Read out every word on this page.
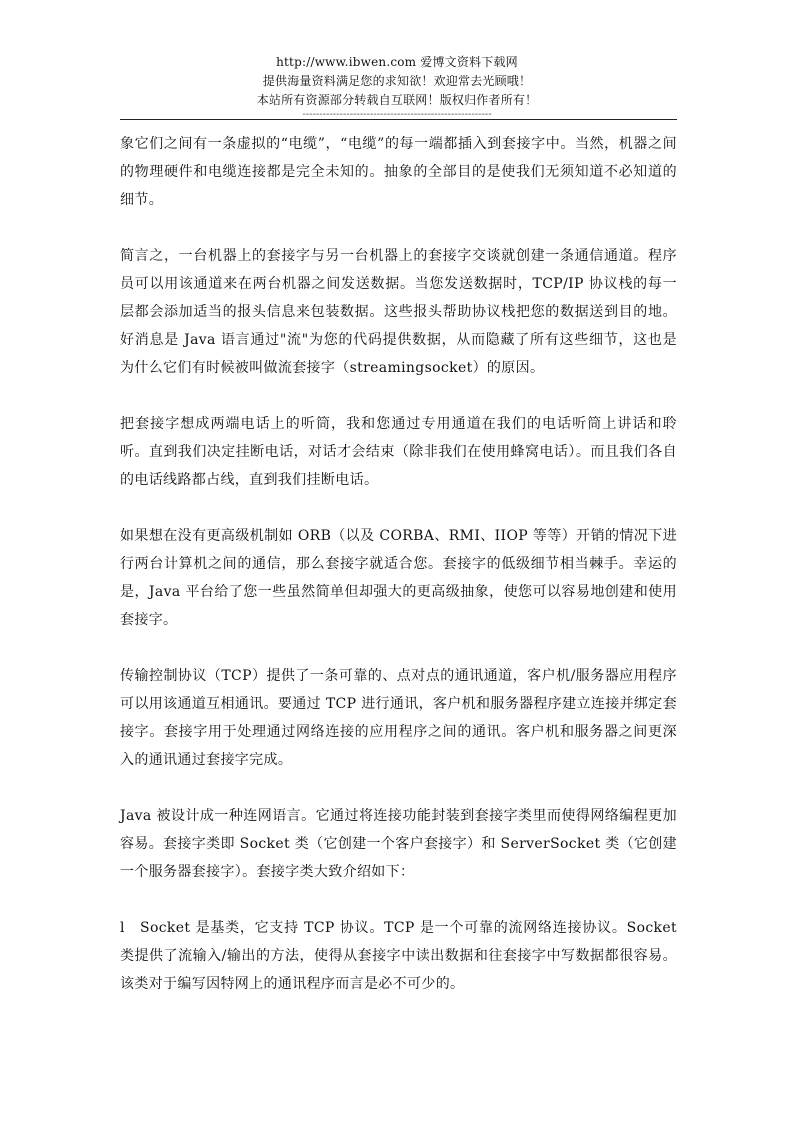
http://www.ibwen.com 爱博文资料下载网
提供海量资料满足您的求知欲！欢迎常去光顾哦！
本站所有资源部分转载自互联网！版权归作者所有！
--------------------------------------------------------

象它们之间有一条虚拟的“电缆”，“电缆”的每一端都插入到套接字中。当然，机器之间的物理硬件和电缆连接都是完全未知的。抽象的全部目的是使我们无须知道不必知道的细节。

简言之，一台机器上的套接字与另一台机器上的套接字交谈就创建一条通信通道。程序员可以用该通道来在两台机器之间发送数据。当您发送数据时，TCP/IP 协议栈的每一层都会添加适当的报头信息来包装数据。这些报头帮助协议栈把您的数据送到目的地。好消息是 Java 语言通过"流"为您的代码提供数据，从而隐藏了所有这些细节，这也是为什么它们有时候被叫做流套接字（streamingsocket）的原因。

把套接字想成两端电话上的听筒，我和您通过专用通道在我们的电话听筒上讲话和聆听。直到我们决定挂断电话，对话才会结束（除非我们在使用蜂窝电话）。而且我们各自的电话线路都占线，直到我们挂断电话。

如果想在没有更高级机制如 ORB（以及 CORBA、RMI、IIOP 等等）开销的情况下进行两台计算机之间的通信，那么套接字就适合您。套接字的低级细节相当棘手。幸运的是，Java 平台给了您一些虽然简单但却强大的更高级抽象，使您可以容易地创建和使用套接字。

传输控制协议（TCP）提供了一条可靠的、点对点的通讯通道，客户机/服务器应用程序可以用该通道互相通讯。要通过 TCP 进行通讯，客户机和服务器程序建立连接并绑定套接字。套接字用于处理通过网络连接的应用程序之间的通讯。客户机和服务器之间更深入的通讯通过套接字完成。

Java 被设计成一种连网语言。它通过将连接功能封装到套接字类里而使得网络编程更加容易。套接字类即 Socket 类（它创建一个客户套接字）和 ServerSocket 类（它创建一个服务器套接字）。套接字类大致介绍如下：

l　Socket 是基类，它支持 TCP 协议。TCP 是一个可靠的流网络连接协议。Socket 类提供了流输入/输出的方法，使得从套接字中读出数据和往套接字中写数据都很容易。该类对于编写因特网上的通讯程序而言是必不可少的。
